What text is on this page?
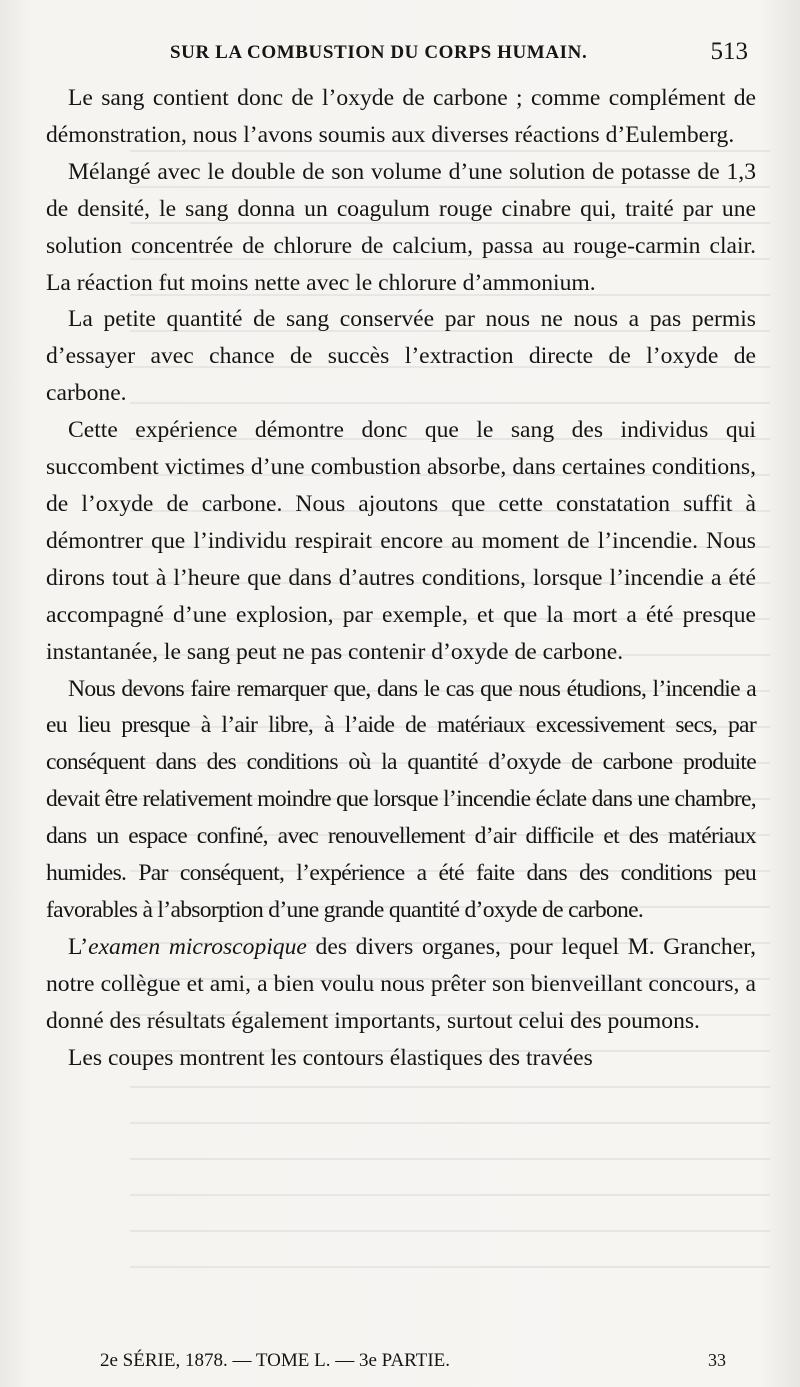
SUR LA COMBUSTION DU CORPS HUMAIN.	513

Le sang contient donc de l’oxyde de carbone ; comme complément de démonstration, nous l’avons soumis aux diverses réactions d’Eulemberg.

Mélangé avec le double de son volume d’une solution de potasse de 1,3 de densité, le sang donna un coagulum rouge cinabre qui, traité par une solution concentrée de chlorure de calcium, passa au rouge-carmin clair. La réaction fut moins nette avec le chlorure d’ammonium.

La petite quantité de sang conservée par nous ne nous a pas permis d’essayer avec chance de succès l’extraction directe de l’oxyde de carbone.

Cette expérience démontre donc que le sang des individus qui succombent victimes d’une combustion absorbe, dans certaines conditions, de l’oxyde de carbone. Nous ajoutons que cette constatation suffit à démontrer que l’individu respirait encore au moment de l’incendie. Nous dirons tout à l’heure que dans d’autres conditions, lorsque l’incendie a été accompagné d’une explosion, par exemple, et que la mort a été presque instantanée, le sang peut ne pas contenir d’oxyde de carbone.

Nous devons faire remarquer que, dans le cas que nous étudions, l’incendie a eu lieu presque à l’air libre, à l’aide de matériaux excessivement secs, par conséquent dans des conditions où la quantité d’oxyde de carbone produite devait être relativement moindre que lorsque l’incendie éclate dans une chambre, dans un espace confiné, avec renouvellement d’air difficile et des matériaux humides. Par conséquent, l’expérience a été faite dans des conditions peu favorables à l’absorption d’une grande quantité d’oxyde de carbone.

L’examen microscopique des divers organes, pour lequel M. Grancher, notre collègue et ami, a bien voulu nous prêter son bienveillant concours, a donné des résultats également importants, surtout celui des poumons.

Les coupes montrent les contours élastiques des travées

2e SÉRIE, 1878. — TOME L. — 3e PARTIE.	33
